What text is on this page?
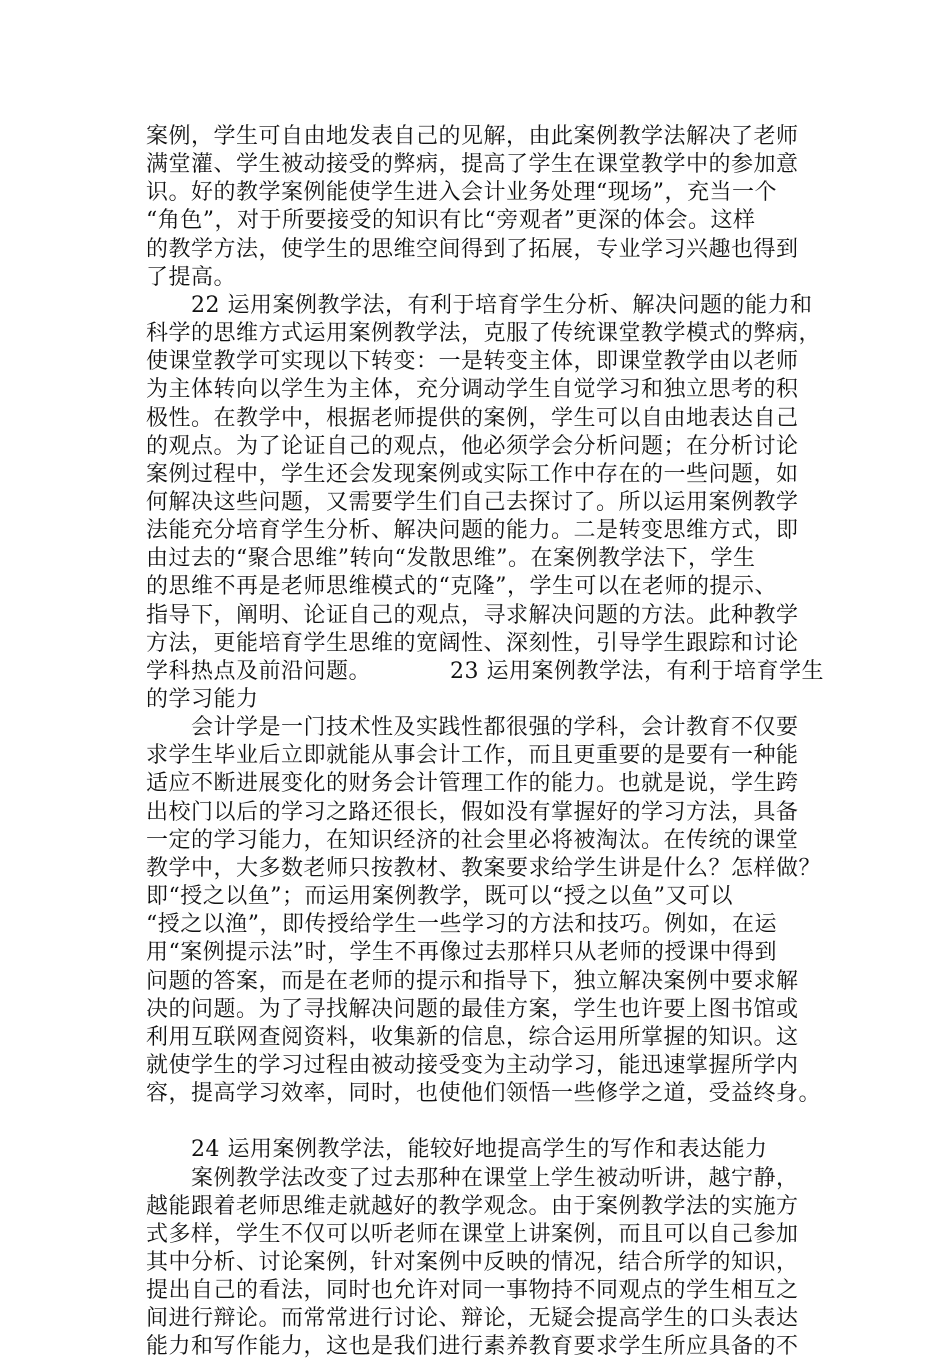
案例，学生可自由地发表自己的见解，由此案例教学法解决了老师
满堂灌、学生被动接受的弊病，提高了学生在课堂教学中的参加意
识。好的教学案例能使学生进入会计业务处理“现场”，充当一个
“角色”，对于所要接受的知识有比“旁观者”更深的体会。这样
的教学方法，使学生的思维空间得到了拓展，专业学习兴趣也得到
了提高。
　　22 运用案例教学法，有利于培育学生分析、解决问题的能力和
科学的思维方式运用案例教学法，克服了传统课堂教学模式的弊病，
使课堂教学可实现以下转变：一是转变主体，即课堂教学由以老师
为主体转向以学生为主体，充分调动学生自觉学习和独立思考的积
极性。在教学中，根据老师提供的案例，学生可以自由地表达自己
的观点。为了论证自己的观点，他必须学会分析问题；在分析讨论
案例过程中，学生还会发现案例或实际工作中存在的一些问题，如
何解决这些问题，又需要学生们自己去探讨了。所以运用案例教学
法能充分培育学生分析、解决问题的能力。二是转变思维方式，即
由过去的“聚合思维”转向“发散思维”。在案例教学法下，学生
的思维不再是老师思维模式的“克隆”，学生可以在老师的提示、
指导下，阐明、论证自己的观点，寻求解决问题的方法。此种教学
方法，更能培育学生思维的宽阔性、深刻性，引导学生跟踪和讨论
学科热点及前沿问题。　　　　23 运用案例教学法，有利于培育学生
的学习能力
　　会计学是一门技术性及实践性都很强的学科，会计教育不仅要
求学生毕业后立即就能从事会计工作，而且更重要的是要有一种能
适应不断进展变化的财务会计管理工作的能力。也就是说，学生跨
出校门以后的学习之路还很长，假如没有掌握好的学习方法，具备
一定的学习能力，在知识经济的社会里必将被淘汰。在传统的课堂
教学中，大多数老师只按教材、教案要求给学生讲是什么？怎样做？
即“授之以鱼”；而运用案例教学，既可以“授之以鱼”又可以
“授之以渔”，即传授给学生一些学习的方法和技巧。例如，在运
用“案例提示法”时，学生不再像过去那样只从老师的授课中得到
问题的答案，而是在老师的提示和指导下，独立解决案例中要求解
决的问题。为了寻找解决问题的最佳方案，学生也许要上图书馆或
利用互联网查阅资料，收集新的信息，综合运用所掌握的知识。这
就使学生的学习过程由被动接受变为主动学习，能迅速掌握所学内
容，提高学习效率，同时，也使他们领悟一些修学之道，受益终身。
　　24 运用案例教学法，能较好地提高学生的写作和表达能力
　　案例教学法改变了过去那种在课堂上学生被动听讲，越宁静，
越能跟着老师思维走就越好的教学观念。由于案例教学法的实施方
式多样，学生不仅可以听老师在课堂上讲案例，而且可以自己参加
其中分析、讨论案例，针对案例中反映的情况，结合所学的知识，
提出自己的看法，同时也允许对同一事物持不同观点的学生相互之
间进行辩论。而常常进行讨论、辩论，无疑会提高学生的口头表达
能力和写作能力，这也是我们进行素养教育要求学生所应具备的不
